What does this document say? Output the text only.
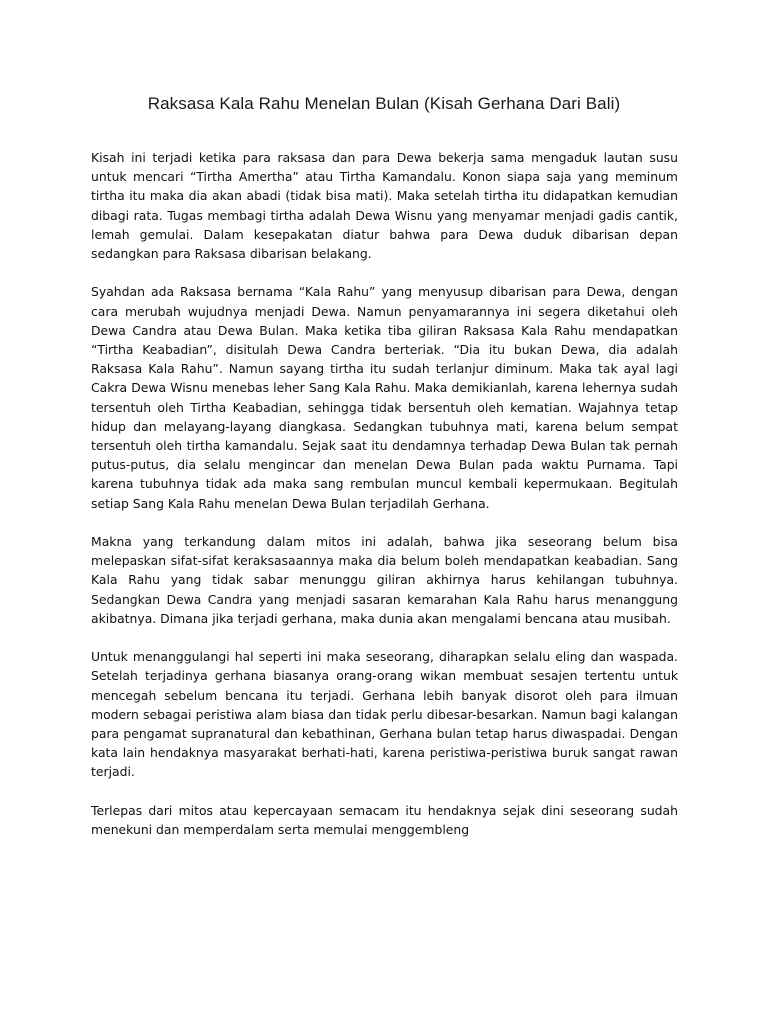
Raksasa Kala Rahu Menelan Bulan (Kisah Gerhana Dari Bali)

Kisah ini terjadi ketika para raksasa dan para Dewa bekerja sama mengaduk lautan susu untuk mencari “Tirtha Amertha” atau Tirtha Kamandalu. Konon siapa saja yang meminum tirtha itu maka dia akan abadi (tidak bisa mati). Maka setelah tirtha itu didapatkan kemudian dibagi rata. Tugas membagi tirtha adalah Dewa Wisnu yang menyamar menjadi gadis cantik, lemah gemulai. Dalam kesepakatan diatur bahwa para Dewa duduk dibarisan depan sedangkan para Raksasa dibarisan belakang.

Syahdan ada Raksasa bernama “Kala Rahu” yang menyusup dibarisan para Dewa, dengan cara merubah wujudnya menjadi Dewa. Namun penyamarannya ini segera diketahui oleh Dewa Candra atau Dewa Bulan. Maka ketika tiba giliran Raksasa Kala Rahu mendapatkan “Tirtha Keabadian”, disitulah Dewa Candra berteriak. “Dia itu bukan Dewa, dia adalah Raksasa Kala Rahu”. Namun sayang tirtha itu sudah terlanjur diminum. Maka tak ayal lagi Cakra Dewa Wisnu menebas leher Sang Kala Rahu. Maka demikianlah, karena lehernya sudah tersentuh oleh Tirtha Keabadian, sehingga tidak bersentuh oleh kematian. Wajahnya tetap hidup dan melayang-layang diangkasa. Sedangkan tubuhnya mati, karena belum sempat tersentuh oleh tirtha kamandalu. Sejak saat itu dendamnya terhadap Dewa Bulan tak pernah putus-putus, dia selalu mengincar dan menelan Dewa Bulan pada waktu Purnama. Tapi karena tubuhnya tidak ada maka sang rembulan muncul kembali kepermukaan. Begitulah setiap Sang Kala Rahu menelan Dewa Bulan terjadilah Gerhana.

Makna yang terkandung dalam mitos ini adalah, bahwa jika seseorang belum bisa melepaskan sifat-sifat keraksasaannya maka dia belum boleh mendapatkan keabadian. Sang Kala Rahu yang tidak sabar menunggu giliran akhirnya harus kehilangan tubuhnya. Sedangkan Dewa Candra yang menjadi sasaran kemarahan Kala Rahu harus menanggung akibatnya. Dimana jika terjadi gerhana, maka dunia akan mengalami bencana atau musibah.

Untuk menanggulangi hal seperti ini maka seseorang, diharapkan selalu eling dan waspada. Setelah terjadinya gerhana biasanya orang-orang wikan membuat sesajen tertentu untuk mencegah sebelum bencana itu terjadi. Gerhana lebih banyak disorot oleh para ilmuan modern sebagai peristiwa alam biasa dan tidak perlu dibesar-besarkan. Namun bagi kalangan para pengamat supranatural dan kebathinan, Gerhana bulan tetap harus diwaspadai. Dengan kata lain hendaknya masyarakat berhati-hati, karena peristiwa-peristiwa buruk sangat rawan terjadi.

Terlepas dari mitos atau kepercayaan semacam itu hendaknya sejak dini seseorang sudah menekuni dan memperdalam serta memulai menggembleng
